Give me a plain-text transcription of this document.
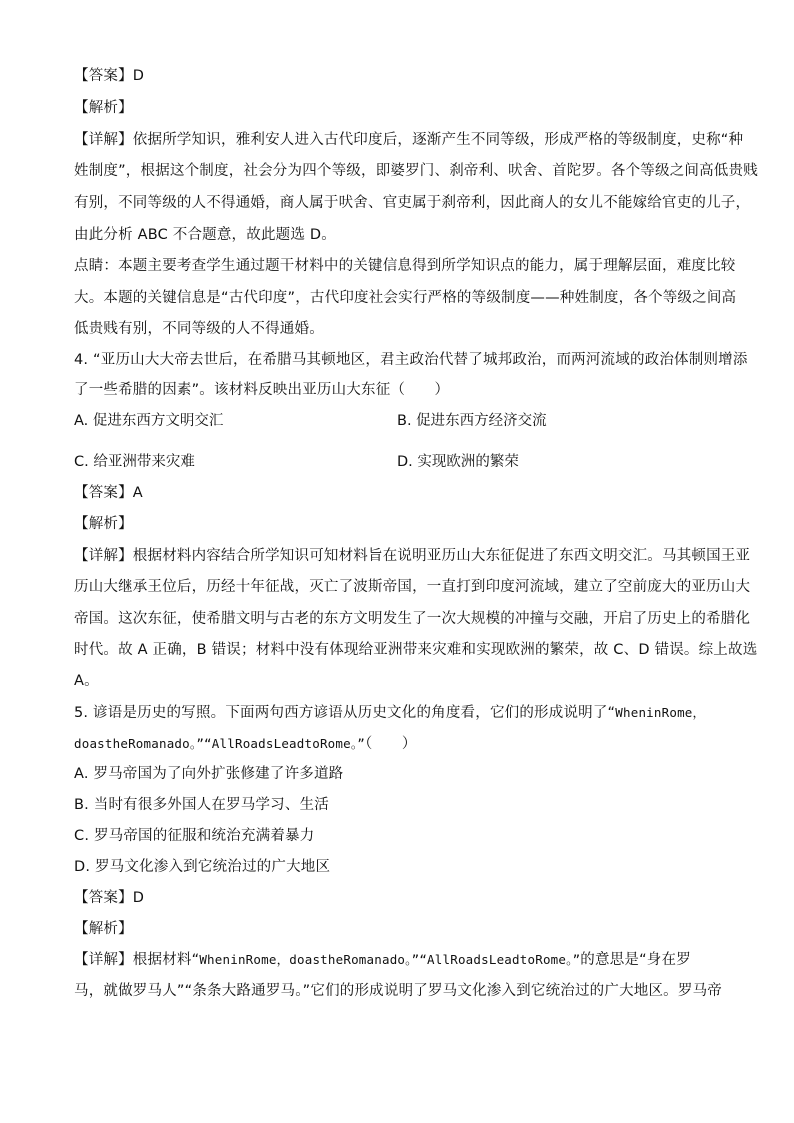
【答案】D
【解析】
【详解】依据所学知识，雅利安人进入古代印度后，逐渐产生不同等级，形成严格的等级制度，史称“种
姓制度”，根据这个制度，社会分为四个等级，即婆罗门、刹帝利、吠舍、首陀罗。各个等级之间高低贵贱
有别，不同等级的人不得通婚，商人属于吠舍、官吏属于刹帝利，因此商人的女儿不能嫁给官吏的儿子，
由此分析 ABC 不合题意，故此题选 D。
点睛：本题主要考查学生通过题干材料中的关键信息得到所学知识点的能力，属于理解层面，难度比较
大。本题的关键信息是“古代印度”，古代印度社会实行严格的等级制度——种姓制度，各个等级之间高
低贵贱有别，不同等级的人不得通婚。
4. “亚历山大大帝去世后，在希腊马其顿地区，君主政治代替了城邦政治，而两河流域的政治体制则增添
了一些希腊的因素”。该材料反映出亚历山大东征（　　）
A. 促进东西方文明交汇	B. 促进东西方经济交流
C. 给亚洲带来灾难	D. 实现欧洲的繁荣
【答案】A
【解析】
【详解】根据材料内容结合所学知识可知材料旨在说明亚历山大东征促进了东西文明交汇。马其顿国王亚
历山大继承王位后，历经十年征战，灭亡了波斯帝国，一直打到印度河流域，建立了空前庞大的亚历山大
帝国。这次东征，使希腊文明与古老的东方文明发生了一次大规模的冲撞与交融，开启了历史上的希腊化
时代。故 A 正确，B 错误；材料中没有体现给亚洲带来灾难和实现欧洲的繁荣，故 C、D 错误。综上故选
A。
5. 谚语是历史的写照。下面两句西方谚语从历史文化的角度看，它们的形成说明了“WheninRome，
doastheRomanado。”“AllRoadsLeadtoRome。”（　　）
A. 罗马帝国为了向外扩张修建了许多道路
B. 当时有很多外国人在罗马学习、生活
C. 罗马帝国的征服和统治充满着暴力
D. 罗马文化渗入到它统治过的广大地区
【答案】D
【解析】
【详解】根据材料“WheninRome，doastheRomanado。”“AllRoadsLeadtoRome。”的意思是“身在罗
马，就做罗马人”“条条大路通罗马。”它们的形成说明了罗马文化渗入到它统治过的广大地区。罗马帝
